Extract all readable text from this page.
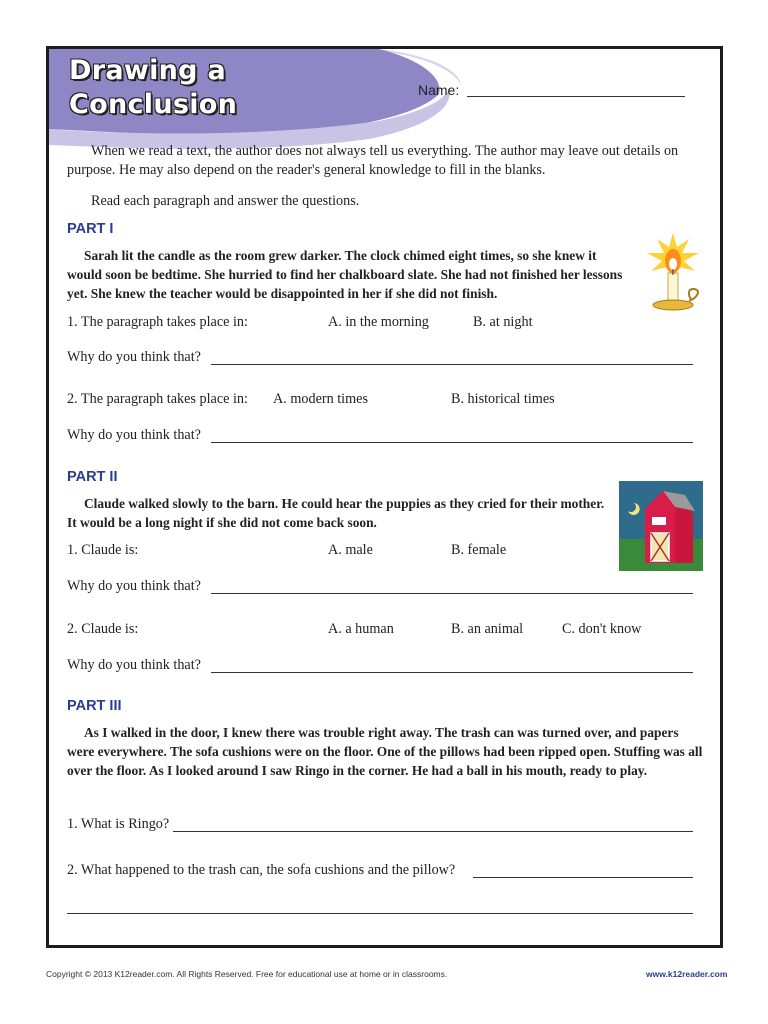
Drawing a
Conclusion	Name:
When we read a text, the author does not always tell us everything. The author may leave out details on purpose. He may also depend on the reader's general knowledge to fill in the blanks.
Read each paragraph and answer the questions.
PART I
Sarah lit the candle as the room grew darker. The clock chimed eight times, so she knew it would soon be bedtime. She hurried to find her chalkboard slate. She had not finished her lessons yet. She knew the teacher would be disappointed in her if she did not finish.
1. The paragraph takes place in:	A. in the morning	B. at night
Why do you think that?
2. The paragraph takes place in: A. modern times	B. historical times
Why do you think that?
PART II
Claude walked slowly to the barn. He could hear the puppies as they cried for their mother. It would be a long night if she did not come back soon.
1. Claude is:	A. male	B. female
Why do you think that?
2. Claude is:	A. a human	B. an animal	C. don't know
Why do you think that?
PART III
As I walked in the door, I knew there was trouble right away. The trash can was turned over, and papers were everywhere. The sofa cushions were on the floor. One of the pillows had been ripped open. Stuffing was all over the floor. As I looked around I saw Ringo in the corner. He had a ball in his mouth, ready to play.
1. What is Ringo?
2. What happened to the trash can, the sofa cushions and the pillow?
Copyright © 2013 K12reader.com. All Rights Reserved. Free for educational use at home or in classrooms.	www.k12reader.com
